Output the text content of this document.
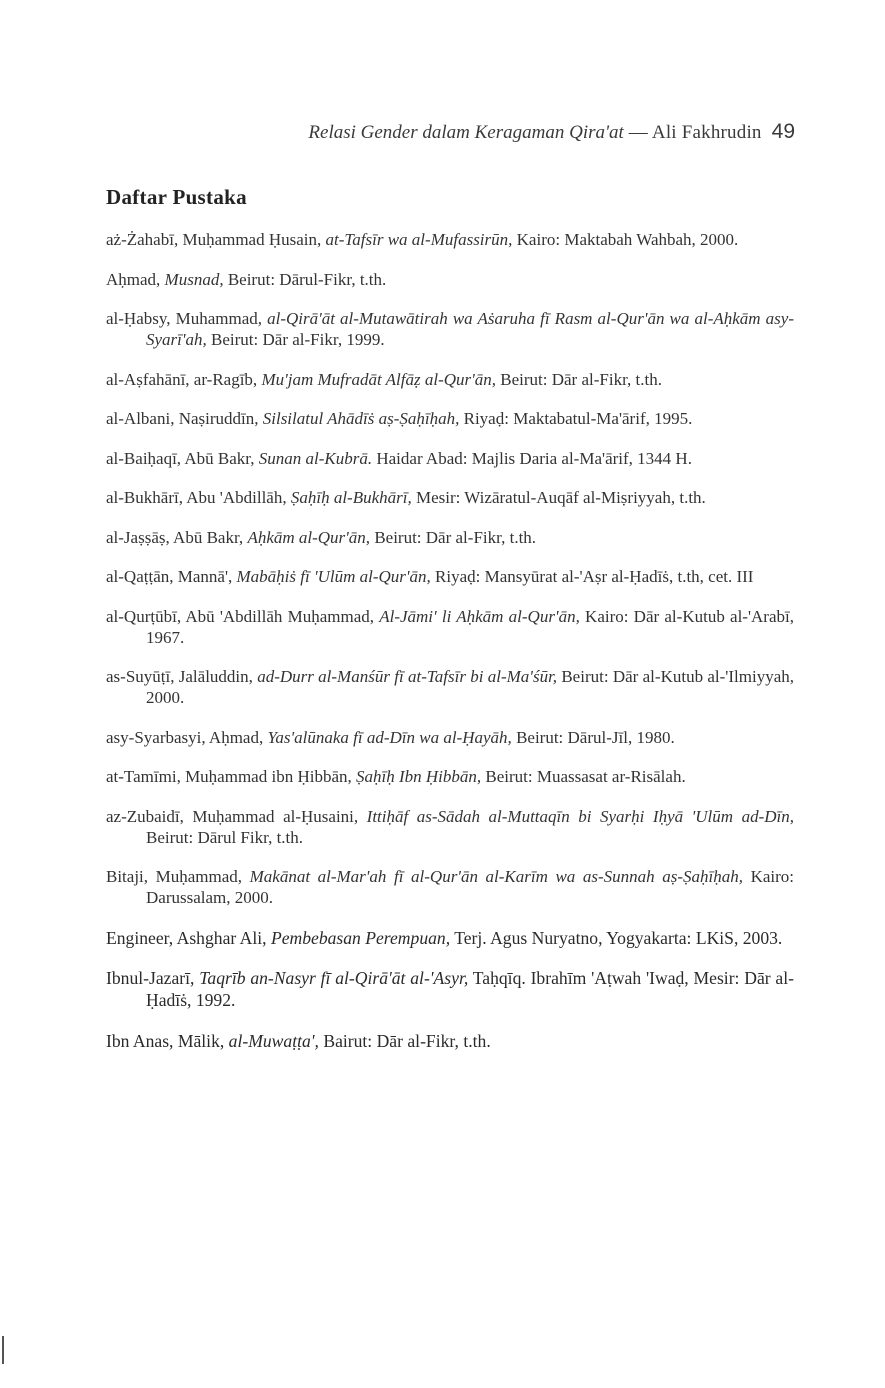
Relasi Gender dalam Keragaman Qira'at — Ali Fakhrudin 49
Daftar Pustaka
aż-Żahabī, Muḥammad Ḥusain, at-Tafsīr wa al-Mufassirūn, Kairo: Maktabah Wahbah, 2000.
Aḥmad, Musnad, Beirut: Dārul-Fikr, t.th.
al-Ḥabsy, Muhammad, al-Qirā'āt al-Mutawātirah wa Aṡaruha fī Rasm al-Qur'ān wa al-Aḥkām asy-Syarī'ah, Beirut: Dār al-Fikr, 1999.
al-Aṣfahānī, ar-Ragīb, Mu'jam Mufradāt Alfāẓ al-Qur'ān, Beirut: Dār al-Fikr, t.th.
al-Albani, Naṣiruddīn, Silsilatul Ahādīṡ aṣ-Ṣaḥīḥah, Riyaḍ: Maktabatul-Ma'ārif, 1995.
al-Baiḥaqī, Abū Bakr, Sunan al-Kubrā. Haidar Abad: Majlis Daria al-Ma'ārif, 1344 H.
al-Bukhārī, Abu 'Abdillāh, Ṣaḥīḥ al-Bukhārī, Mesir: Wizāratul-Auqāf al-Miṣriyyah, t.th.
al-Jaṣṣāṣ, Abū Bakr, Aḥkām al-Qur'ān, Beirut: Dār al-Fikr, t.th.
al-Qaṭṭān, Mannā', Mabāḥiṡ fī 'Ulūm al-Qur'ān, Riyaḍ: Mansyūrat al-'Aṣr al-Ḥadīṡ, t.th, cet. III
al-Qurṭūbī, Abū 'Abdillāh Muḥammad, Al-Jāmi' li Aḥkām al-Qur'ān, Kairo: Dār al-Kutub al-'Arabī, 1967.
as-Suyūṭī, Jalāluddin, ad-Durr al-Manśūr fī at-Tafsīr bi al-Ma'śūr, Beirut: Dār al-Kutub al-'Ilmiyyah, 2000.
asy-Syarbasyi, Aḥmad, Yas'alūnaka fī ad-Dīn wa al-Ḥayāh, Beirut: Dārul-Jīl, 1980.
at-Tamīmi, Muḥammad ibn Ḥibbān, Ṣaḥīḥ Ibn Ḥibbān, Beirut: Muassasat ar-Risālah.
az-Zubaidī, Muḥammad al-Ḥusaini, Ittiḥāf as-Sādah al-Muttaqīn bi Syarḥi Iḥyā 'Ulūm ad-Dīn, Beirut: Dārul Fikr, t.th.
Bitaji, Muḥammad, Makānat al-Mar'ah fī al-Qur'ān al-Karīm wa as-Sunnah aṣ-Ṣaḥīḥah, Kairo: Darussalam, 2000.
Engineer, Ashghar Ali, Pembebasan Perempuan, Terj. Agus Nuryatno, Yogyakarta: LKiS, 2003.
Ibnul-Jazarī, Taqrīb an-Nasyr fī al-Qirā'āt al-'Asyr, Taḥqīq. Ibrahīm 'Aṭwah 'Iwaḍ, Mesir: Dār al-Ḥadīṡ, 1992.
Ibn Anas, Mālik, al-Muwaṭṭa', Bairut: Dār al-Fikr, t.th.
